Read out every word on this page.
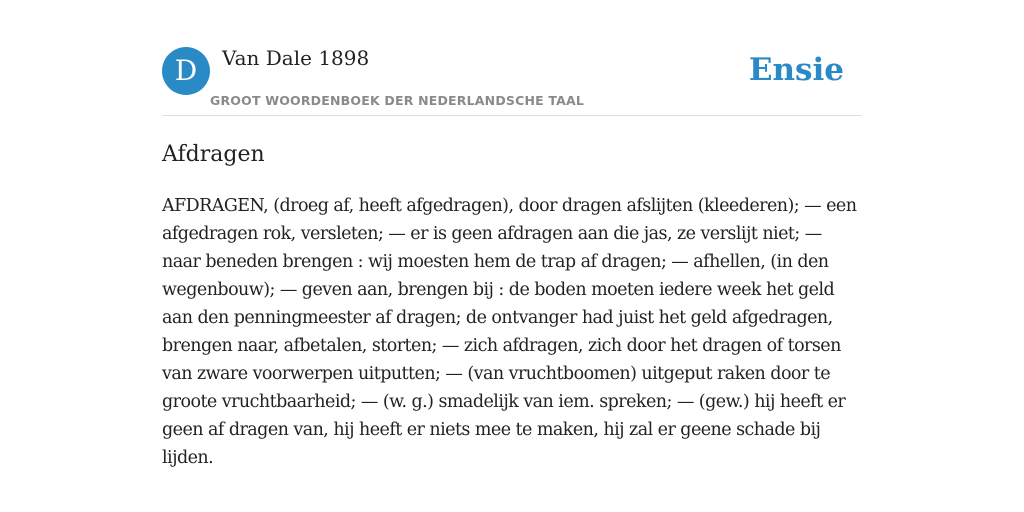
D	Van Dale 1898
GROOT WOORDENBOEK DER NEDERLANDSCHE TAAL
Ensie
Afdragen

AFDRAGEN, (droeg af, heeft afgedragen), door dragen afslijten (kleederen); — een afgedragen rok, versleten; — er is geen afdragen aan die jas, ze verslijt niet; — naar beneden brengen : wij moesten hem de trap af dragen; — afhellen, (in den wegenbouw); — geven aan, brengen bij : de boden moeten iedere week het geld aan den penningmeester af dragen; de ontvanger had juist het geld afgedragen, brengen naar, afbetalen, storten; — zich afdragen, zich door het dragen of torsen van zware voorwerpen uitputten; — (van vruchtboomen) uitgeput raken door te groote vruchtbaarheid; — (w. g.) smadelijk van iem. spreken; — (gew.) hij heeft er geen af dragen van, hij heeft er niets mee te maken, hij zal er geene schade bij lijden.
